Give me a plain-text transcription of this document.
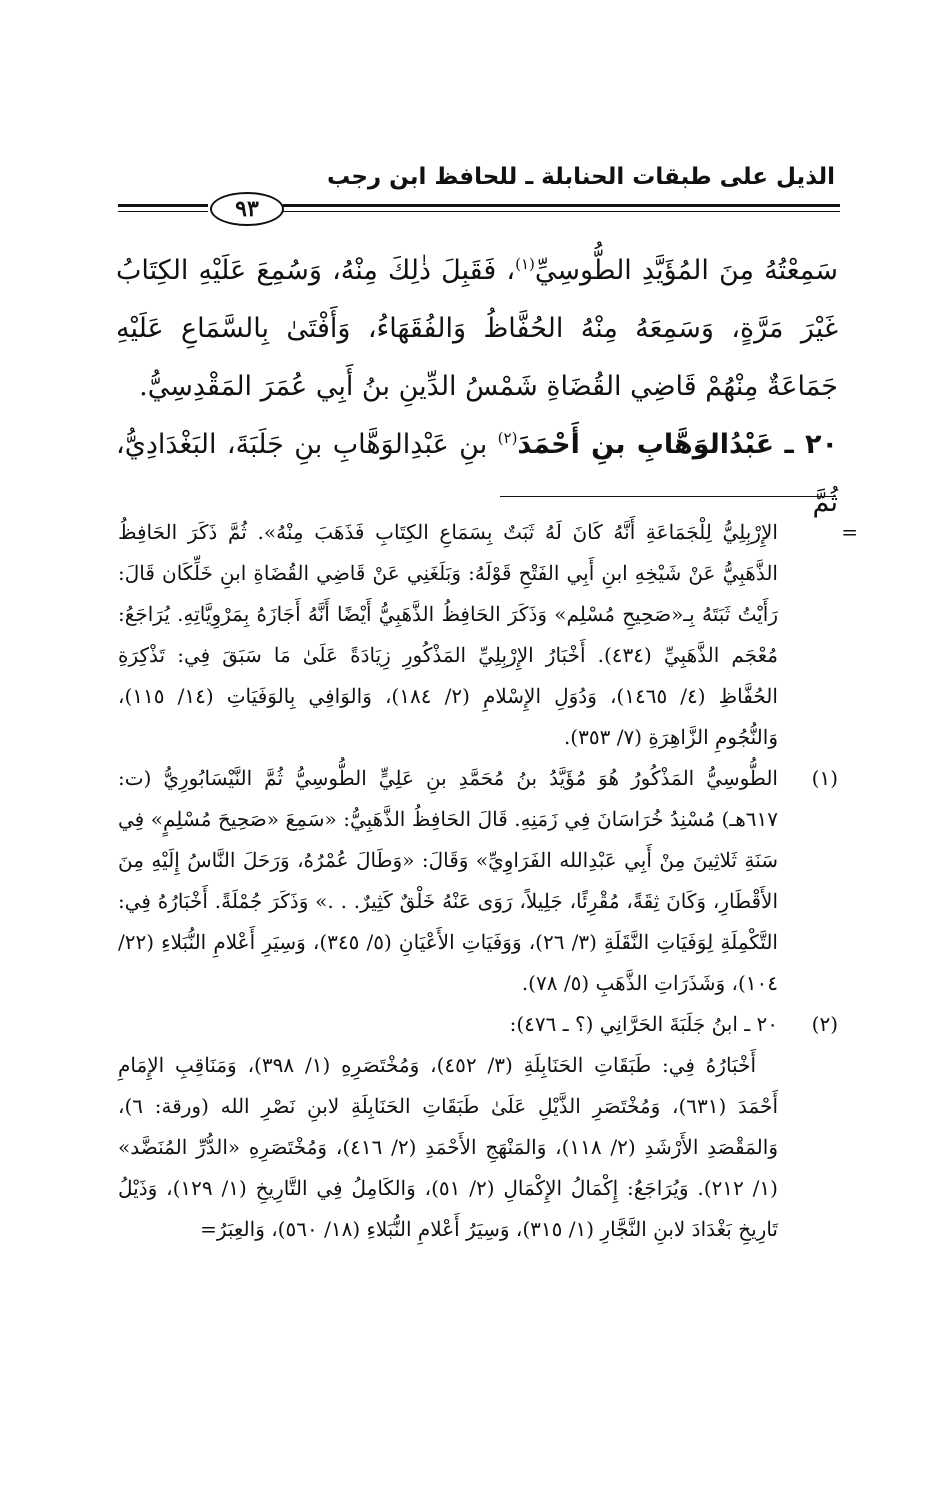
الذيل على طبقات الحنابلة ـ للحافظ ابن رجب
٩٣

سَمِعْتُهُ مِنَ المُؤَيَّدِ الطُّوسِيِّ$^{(١)}$، فَقَبِلَ ذٰلِكَ مِنْهُ، وَسُمِعَ عَلَيْهِ الكِتَابُ غَيْرَ مَرَّةٍ، وَسَمِعَهُ مِنْهُ الحُفَّاظُ وَالفُقَهَاءُ، وَأَفْتَىٰ بِالسَّمَاعِ عَلَيْهِ جَمَاعَةٌ مِنْهُمْ قَاضِي القُضَاةِ شَمْسُ الدِّينِ بنُ أَبِي عُمَرَ المَقْدِسِيُّ.

٢٠ ـ عَبْدُالوَهَّابِ بنِ أَحْمَدَ$^{(٢)}$ بنِ عَبْدِالوَهَّابِ بنِ جَلَبَةَ، البَغْدَادِيُّ، ثُمَّ

=

الإِرْبِلِيُّ لِلْجَمَاعَةِ أَنَّهُ كَانَ لَهُ ثَبَتٌ بِسَمَاعِ الكِتَابِ فَذَهَبَ مِنْهُ». ثُمَّ ذَكَرَ الحَافِظُ الذَّهَبِيُّ عَنْ شَيْخِهِ ابنِ أَبِي الفَتْحِ قَوْلَهُ: وَبَلَغَنِي عَنْ قَاضِي القُضَاةِ ابنِ خَلِّكَان قَالَ: رَأَيْتُ ثَبَتَهُ بِـ«صَحِيحِ مُسْلِم» وَذَكَرَ الحَافِظُ الذَّهَبِيُّ أَيْضًا أَنَّهُ أَجَازَهُ بِمَرْوِيَّاتِهِ. يُرَاجَعُ: مُعْجَم الذَّهَبِيِّ (٤٣٤). أَخْبَارُ الإِرْبِلِيِّ المَذْكُورِ زِيَادَةً عَلَىٰ مَا سَبَقَ فِي: تَذْكِرَةِ الحُفَّاظِ (٤/ ١٤٦٥)، وَدُوَلِ الإِسْلامِ (٢/ ١٨٤)، وَالوَافِي بِالوَفَيَاتِ (١٤/ ١١٥)، وَالنُّجُومِ الزَّاهِرَةِ (٧/ ٣٥٣).

(١)

الطُّوسِيُّ المَذْكُورُ هُوَ مُؤَيَّدُ بنُ مُحَمَّدِ بنِ عَلِيٍّ الطُّوسِيُّ ثُمَّ النَّيْسَابُورِيُّ (ت: ٦١٧هـ) مُسْنِدُ خُرَاسَانَ فِي زَمَنِهِ. قَالَ الحَافِظُ الذَّهَبِيُّ: «سَمِعَ «صَحِيحَ مُسْلِمٍ» فِي سَنَةِ ثَلاثِينَ مِنْ أَبِي عَبْدِالله الفَرَاوِيِّ» وَقَالَ: «وَطَالَ عُمْرُهُ، وَرَحَلَ النَّاسُ إِلَيْهِ مِنَ الأَقْطَارِ، وَكَانَ ثِقَةً، مُقْرِئًا، جَلِيلاً، رَوَى عَنْهُ خَلْقٌ كَثِيرٌ. . .» وَذَكَرَ جُمْلَةً. أَخْبَارُهُ فِي: التَّكْمِلَةِ لِوَفَيَاتِ النَّقَلَةِ (٣/ ٢٦)، وَوَفَيَاتِ الأَعْيَانِ (٥/ ٣٤٥)، وَسِيَرِ أَعْلامِ النُّبَلاءِ (٢٢/ ١٠٤)، وَشَذَرَاتِ الذَّهَبِ (٥/ ٧٨).

(٢)

٢٠ ـ ابنُ جَلَبَةَ الحَرَّانِي (؟ ـ ٤٧٦):

أَخْبَارُهُ فِي: طَبَقَاتِ الحَنَابِلَةِ (٣/ ٤٥٢)، وَمُخْتَصَرِهِ (١/ ٣٩٨)، وَمَنَاقِبِ الإِمَامِ أَحْمَدَ (٦٣١)، وَمُخْتَصَرِ الذَّيْلِ عَلَىٰ طَبَقَاتِ الحَنَابِلَةِ لابنِ نَصْرِ الله (ورقة: ٦)، وَالمَقْصَدِ الأَرْشَدِ (٢/ ١١٨)، وَالمَنْهَجِ الأَحْمَدِ (٢/ ٤١٦)، وَمُخْتَصَرِهِ «الدُّرِّ المُنَضَّد» (١/ ٢١٢). وَيُرَاجَعُ: إِكْمَالُ الإِكْمَالِ (٢/ ٥١)، وَالكَامِلُ فِي التَّارِيخِ (١/ ١٢٩)، وَذَيْلُ تَارِيخِ بَغْدَادَ لابنِ النَّجَّارِ (١/ ٣١٥)، وَسِيَرُ أَعْلامِ النُّبَلاءِ (١٨/ ٥٦٠)، وَالعِبَرُ=
